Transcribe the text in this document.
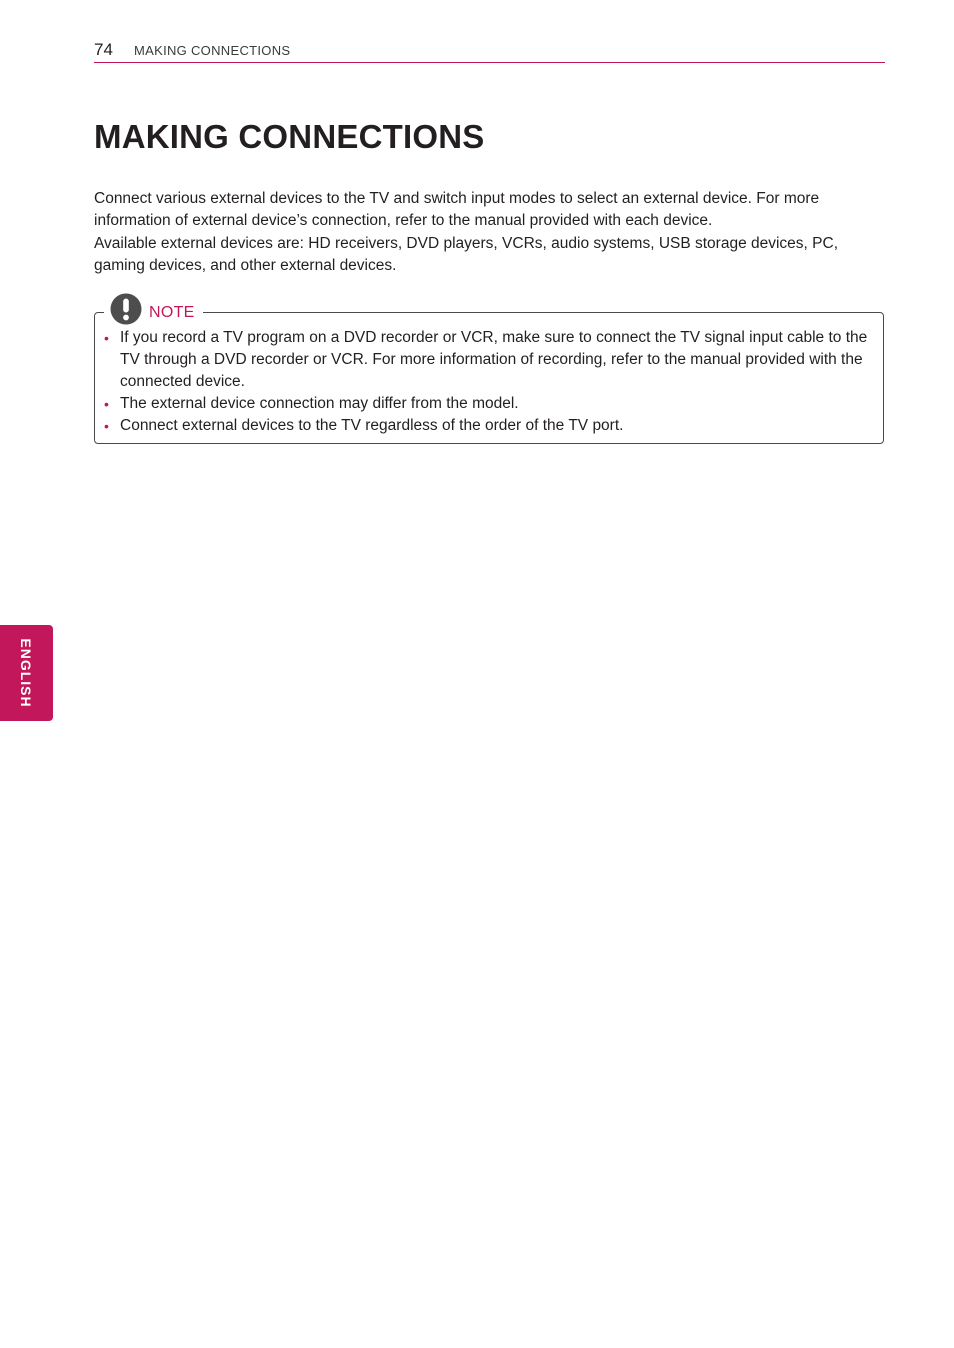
74 MAKING CONNECTIONS
MAKING CONNECTIONS

Connect various external devices to the TV and switch input modes to select an external device. For more information of external device’s connection, refer to the manual provided with each device.

Available external devices are: HD receivers, DVD players, VCRs, audio systems, USB storage devices, PC, gaming devices, and other external devices.

NOTE
• If you record a TV program on a DVD recorder or VCR, make sure to connect the TV signal input cable to the TV through a DVD recorder or VCR. For more information of recording, refer to the manual provided with the connected device.
• The external device connection may differ from the model.
• Connect external devices to the TV regardless of the order of the TV port.
ENGLISH
